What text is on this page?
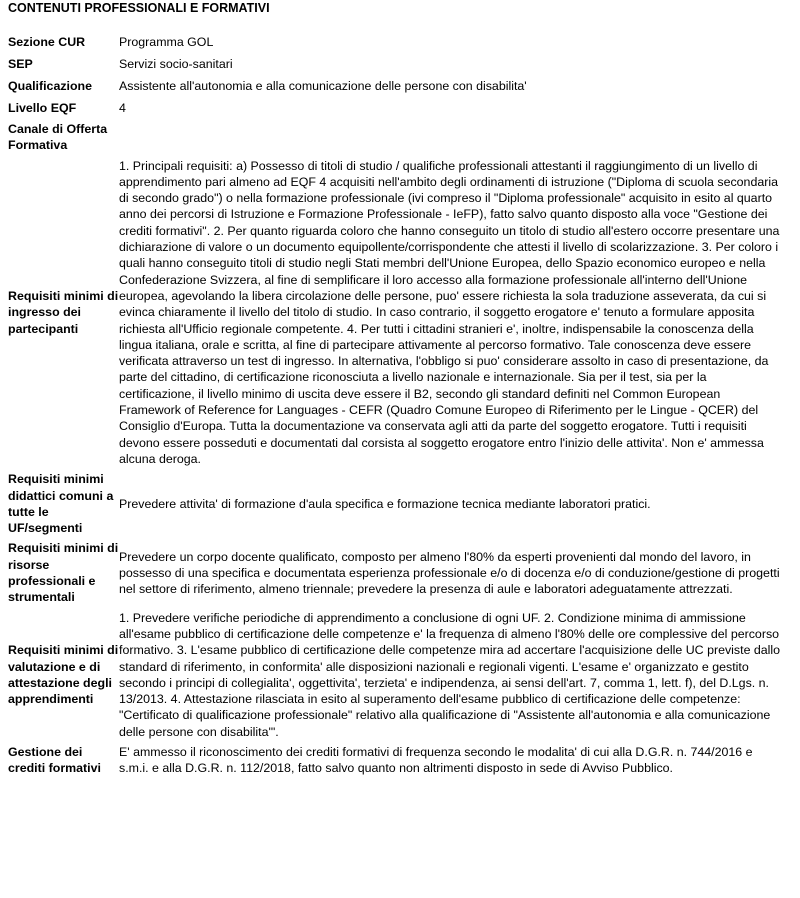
CONTENUTI PROFESSIONALI E FORMATIVI
Sezione CUR	Programma GOL
SEP	Servizi socio-sanitari
Qualificazione	Assistente all'autonomia e alla comunicazione delle persone con disabilita'
Livello EQF	4
Canale di Offerta Formativa	
Requisiti minimi di ingresso dei partecipanti	1. Principali requisiti: a) Possesso di titoli di studio / qualifiche professionali attestanti il raggiungimento di un livello di apprendimento pari almeno ad EQF 4 acquisiti nell'ambito degli ordinamenti di istruzione ("Diploma di scuola secondaria di secondo grado") o nella formazione professionale (ivi compreso il "Diploma professionale" acquisito in esito al quarto anno dei percorsi di Istruzione e Formazione Professionale - IeFP), fatto salvo quanto disposto alla voce "Gestione dei crediti formativi". 2. Per quanto riguarda coloro che hanno conseguito un titolo di studio all'estero occorre presentare una dichiarazione di valore o un documento equipollente/corrispondente che attesti il livello di scolarizzazione. 3. Per coloro i quali hanno conseguito titoli di studio negli Stati membri dell'Unione Europea, dello Spazio economico europeo e nella Confederazione Svizzera, al fine di semplificare il loro accesso alla formazione professionale all'interno dell'Unione europea, agevolando la libera circolazione delle persone, puo' essere richiesta la sola traduzione asseverata, da cui si evinca chiaramente il livello del titolo di studio. In caso contrario, il soggetto erogatore e' tenuto a formulare apposita richiesta all'Ufficio regionale competente. 4. Per tutti i cittadini stranieri e', inoltre, indispensabile la conoscenza della lingua italiana, orale e scritta, al fine di partecipare attivamente al percorso formativo. Tale conoscenza deve essere verificata attraverso un test di ingresso. In alternativa, l'obbligo si puo' considerare assolto in caso di presentazione, da parte del cittadino, di certificazione riconosciuta a livello nazionale e internazionale. Sia per il test, sia per la certificazione, il livello minimo di uscita deve essere il B2, secondo gli standard definiti nel Common European Framework of Reference for Languages - CEFR (Quadro Comune Europeo di Riferimento per le Lingue - QCER) del Consiglio d'Europa. Tutta la documentazione va conservata agli atti da parte del soggetto erogatore. Tutti i requisiti devono essere posseduti e documentati dal corsista al soggetto erogatore entro l'inizio delle attivita'. Non e' ammessa alcuna deroga.
Requisiti minimi didattici comuni a tutte le UF/segmenti	Prevedere attivita' di formazione d'aula specifica e formazione tecnica mediante laboratori pratici.
Requisiti minimi di risorse professionali e strumentali	Prevedere un corpo docente qualificato, composto per almeno l'80% da esperti provenienti dal mondo del lavoro, in possesso di una specifica e documentata esperienza professionale e/o di docenza e/o di conduzione/gestione di progetti nel settore di riferimento, almeno triennale; prevedere la presenza di aule e laboratori adeguatamente attrezzati.
Requisiti minimi di valutazione e di attestazione degli apprendimenti	1. Prevedere verifiche periodiche di apprendimento a conclusione di ogni UF. 2. Condizione minima di ammissione all'esame pubblico di certificazione delle competenze e' la frequenza di almeno l'80% delle ore complessive del percorso formativo. 3. L'esame pubblico di certificazione delle competenze mira ad accertare l'acquisizione delle UC previste dallo standard di riferimento, in conformita' alle disposizioni nazionali e regionali vigenti. L'esame e' organizzato e gestito secondo i principi di collegialita', oggettivita', terzieta' e indipendenza, ai sensi dell'art. 7, comma 1, lett. f), del D.Lgs. n. 13/2013. 4. Attestazione rilasciata in esito al superamento dell'esame pubblico di certificazione delle competenze: "Certificato di qualificazione professionale" relativo alla qualificazione di "Assistente all'autonomia e alla comunicazione delle persone con disabilita'".
Gestione dei crediti formativi	E' ammesso il riconoscimento dei crediti formativi di frequenza secondo le modalita' di cui alla D.G.R. n. 744/2016 e s.m.i. e alla D.G.R. n. 112/2018, fatto salvo quanto non altrimenti disposto in sede di Avviso Pubblico.
